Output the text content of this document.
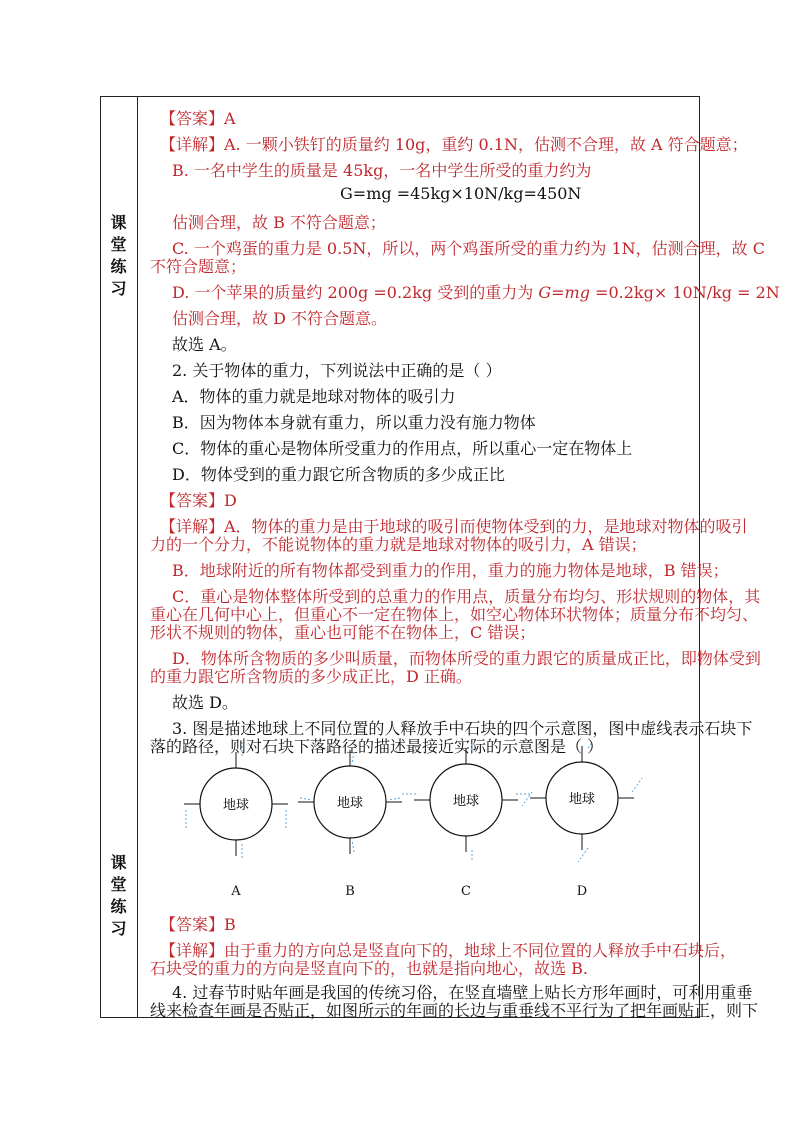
课
堂
练
习
课
堂
练
习
【答案】A
【详解】A. 一颗小铁钉的质量约 10g，重约 0.1N，估测不合理，故 A 符合题意；
B. 一名中学生的质量是 45kg，一名中学生所受的重力约为
G=mg =45kg×10N/kg=450N
估测合理，故 B 不符合题意；
C. 一个鸡蛋的重力是 0.5N，所以，两个鸡蛋所受的重力约为 1N，估测合理，故 C
不符合题意；
D. 一个苹果的质量约 200g =0.2kg 受到的重力为 G=mg =0.2kg× 10N/kg = 2N
估测合理，故 D 不符合题意。
故选 A。
2. 关于物体的重力，下列说法中正确的是（ ）
A．物体的重力就是地球对物体的吸引力
B．因为物体本身就有重力，所以重力没有施力物体
C．物体的重心是物体所受重力的作用点，所以重心一定在物体上
D．物体受到的重力跟它所含物质的多少成正比
【答案】D
【详解】A．物体的重力是由于地球的吸引而使物体受到的力，是地球对物体的吸引
力的一个分力，不能说物体的重力就是地球对物体的吸引力，A 错误；
B．地球附近的所有物体都受到重力的作用，重力的施力物体是地球，B 错误；
C．重心是物体整体所受到的总重力的作用点，质量分布均匀、形状规则的物体，其
重心在几何中心上，但重心不一定在物体上，如空心物体环状物体；质量分布不均匀、
形状不规则的物体，重心也可能不在物体上，C 错误；
D．物体所含物质的多少叫质量，而物体所受的重力跟它的质量成正比，即物体受到
的重力跟它所含物质的多少成正比，D 正确。
故选 D。
3. 图是描述地球上不同位置的人释放手中石块的四个示意图，图中虚线表示石块下
落的路径，则对石块下落路径的描述最接近实际的示意图是（ ）
地球	地球	地球	地球
A	B	C	D
【答案】B
【详解】由于重力的方向总是竖直向下的，地球上不同位置的人释放手中石块后，
石块受的重力的方向是竖直向下的，也就是指向地心，故选 B.
4. 过春节时贴年画是我国的传统习俗，在竖直墙壁上贴长方形年画时，可利用重垂
线来检查年画是否贴正，如图所示的年画的长边与重垂线不平行为了把年画贴正，则下
